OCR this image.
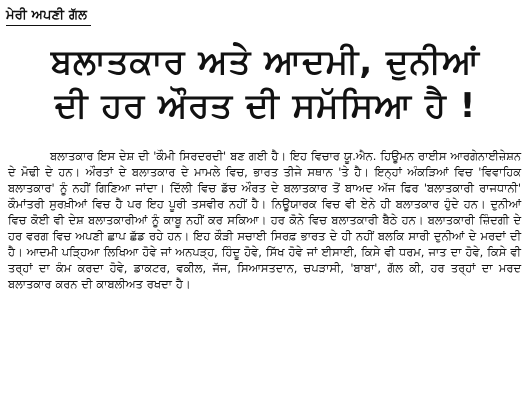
ਮੇਰੀ ਅਪਣੀ ਗੱਲ
ਬਲਾਤਕਾਰ ਅਤੇ ਆਦਮੀ, ਦੁਨੀਆਂ
ਦੀ ਹਰ ਔਰਤ ਦੀ ਸਮੱਸਿਆ ਹੈ !

ਬਲਾਤਕਾਰ ਇਸ ਦੇਸ਼ ਦੀ 'ਕੌਮੀ ਸਿਰਦਰਦੀ' ਬਣ ਗਈ ਹੈ। ਇਹ ਵਿਚਾਰ ਯੂ.ਐਨ. ਹਿਊਮਨ ਰਾਈਸ ਆਰਗੇਨਾਈਜ਼ੇਸ਼ਨ ਦੇ ਮੋਢੀ ਦੇ ਹਨ। ਔਰਤਾਂ ਦੇ ਬਲਾਤਕਾਰ ਦੇ ਮਾਮਲੇ ਵਿਚ, ਭਾਰਤ ਤੀਜੇ ਸਥਾਨ 'ਤੇ ਹੈ। ਇਨ੍ਹਾਂ ਅੰਕੜਿਆਂ ਵਿਚ 'ਵਿਵਾਹਿਕ ਬਲਾਤਕਾਰ' ਨੂੰ ਨਹੀਂ ਗਿਣਿਆ ਜਾਂਦਾ। ਦਿੱਲੀ ਵਿਚ ਡੱਚ ਔਰਤ ਦੇ ਬਲਾਤਕਾਰ ਤੋਂ ਬਾਅਦ ਅੱਜ ਫਿਰ 'ਬਲਾਤਕਾਰੀ ਰਾਜਧਾਨੀ' ਕੌਮਾਂਤਰੀ ਸੁਰਖ਼ੀਆਂ ਵਿਚ ਹੈ ਪਰ ਇਹ ਪੂਰੀ ਤਸਵੀਰ ਨਹੀਂ ਹੈ। ਨਿਊਯਾਰਕ ਵਿਚ ਵੀ ਏਨੇ ਹੀ ਬਲਾਤਕਾਰ ਹੁੰਦੇ ਹਨ। ਦੁਨੀਆਂ ਵਿਚ ਕੋਈ ਵੀ ਦੇਸ਼ ਬਲਾਤਕਾਰੀਆਂ ਨੂੰ ਕਾਬੂ ਨਹੀਂ ਕਰ ਸਕਿਆ। ਹਰ ਕੋਨੇ ਵਿਚ ਬਲਾਤਕਾਰੀ ਬੈਠੇ ਹਨ। ਬਲਾਤਕਾਰੀ ਜ਼ਿੰਦਗੀ ਦੇ ਹਰ ਵਰਗ ਵਿਚ ਅਪਣੀ ਛਾਪ ਛੱਡ ਰਹੇ ਹਨ। ਇਹ ਕੌੜੀ ਸਚਾਈ ਸਿਰਫ਼ ਭਾਰਤ ਦੇ ਹੀ ਨਹੀਂ ਬਲਕਿ ਸਾਰੀ ਦੁਨੀਆਂ ਦੇ ਮਰਦਾਂ ਦੀ ਹੈ। ਆਦਮੀ ਪੜ੍ਹਿਆ ਲਿਖਿਆ ਹੋਵੇ ਜਾਂ ਅਨਪੜ੍ਹ, ਹਿੰਦੂ ਹੋਵੇ, ਸਿੱਖ ਹੋਵੇ ਜਾਂ ਈਸਾਈ, ਕਿਸੇ ਵੀ ਧਰਮ, ਜਾਤ ਦਾ ਹੋਵੇ, ਕਿਸੇ ਵੀ ਤਰ੍ਹਾਂ ਦਾ ਕੰਮ ਕਰਦਾ ਹੋਵੇ, ਡਾਕਟਰ, ਵਕੀਲ, ਜੱਜ, ਸਿਆਸਤਦਾਨ, ਚਪੜਾਸੀ, 'ਬਾਬਾ', ਗੱਲ ਕੀ, ਹਰ ਤਰ੍ਹਾਂ ਦਾ ਮਰਦ ਬਲਾਤਕਾਰ ਕਰਨ ਦੀ ਕਾਬਲੀਅਤ ਰਖਦਾ ਹੈ।
